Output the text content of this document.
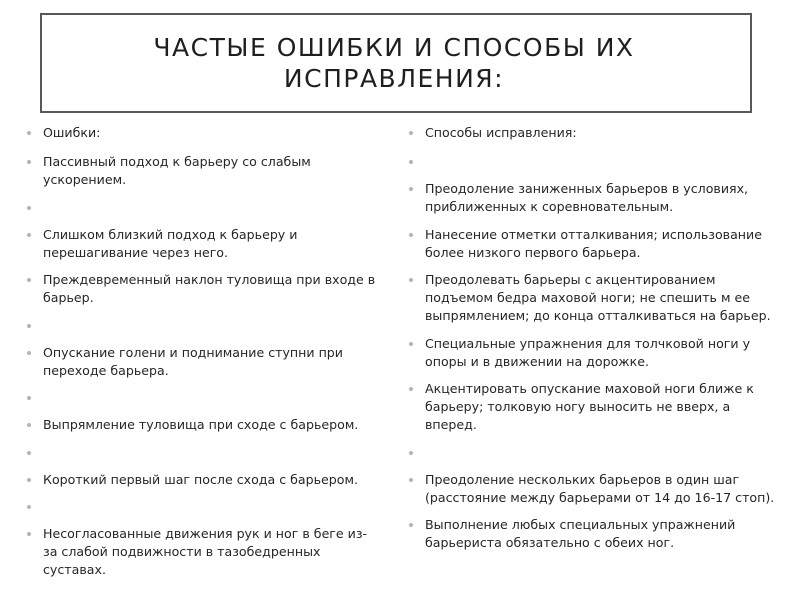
ЧАСТЫЕ ОШИБКИ И СПОСОБЫ ИХ ИСПРАВЛЕНИЯ:
Ошибки:
Пассивный подход к барьеру со слабым ускорением.
Слишком близкий подход к барьеру и перешагивание через него.
Преждевременный наклон туловища при входе в барьер.
Опускание голени и поднимание ступни при переходе барьера.
Выпрямление туловища при сходе с барьером.
Короткий первый шаг после схода с барьером.
Несогласованные движения рук и ног в беге из-за слабой подвижности в тазобедренных суставах.
Способы исправления:
Преодоление заниженных барьеров в условиях, приближенных к соревновательным.
Нанесение отметки отталкивания; использование более низкого первого барьера.
Преодолевать барьеры с акцентированием подъемом бедра маховой ноги; не спешить м ее выпрямлением; до конца отталкиваться на барьер.
Специальные упражнения для толчковой ноги у опоры и в движении на дорожке.
Акцентировать опускание маховой ноги ближе к барьеру; толковую ногу выносить не вверх, а вперед.
Преодоление нескольких барьеров в один шаг (расстояние между барьерами от 14 до 16-17 стоп).
Выполнение любых специальных упражнений барьериста обязательно с обеих ног.
